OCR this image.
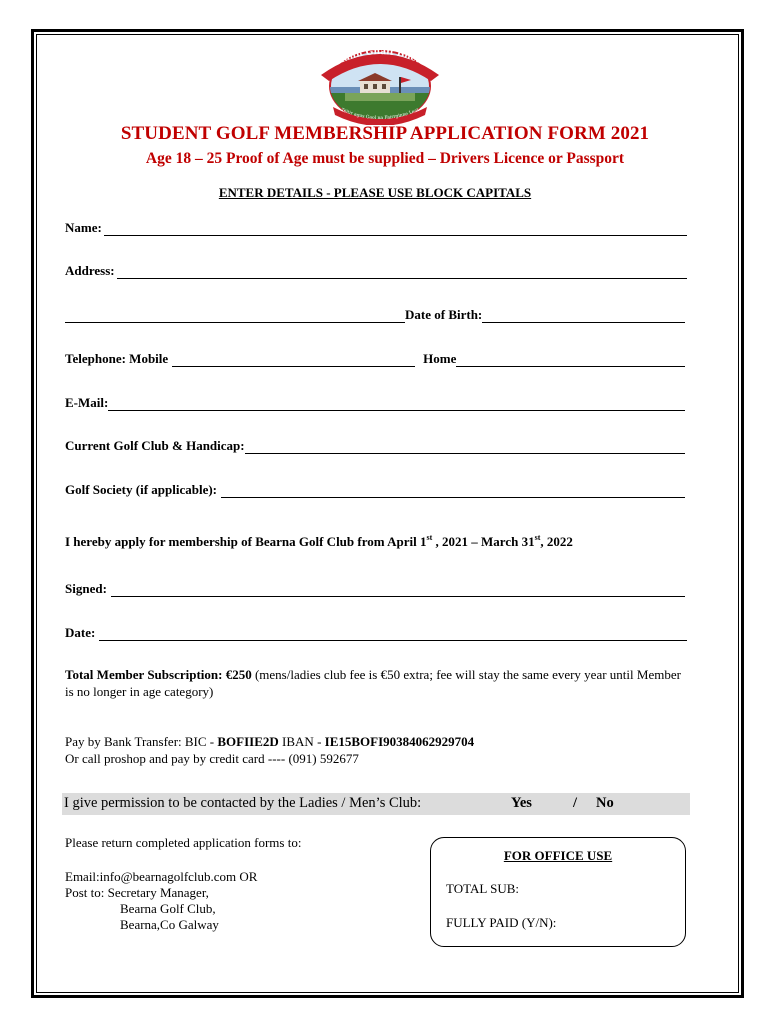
Cumann Ghalf Bhearna
Téitir agus Gaol na Fairrginne Leat
STUDENT GOLF MEMBERSHIP APPLICATION FORM 2021
Age 18 – 25 Proof of Age must be supplied – Drivers Licence or Passport
ENTER DETAILS - PLEASE USE BLOCK CAPITALS
Name:
Address:
Date of Birth:
Telephone: Mobile	Home
E-Mail:
Current Golf Club & Handicap:
Golf Society (if applicable):
I hereby apply for membership of Bearna Golf Club from April 1st , 2021 – March 31st, 2022
Signed:
Date:
Total Member Subscription: €250 (mens/ladies club fee is €50 extra; fee will stay the same every year until Member is no longer in age category)
Pay by Bank Transfer: BIC - BOFIIE2D IBAN - IE15BOFI90384062929704
Or call proshop and pay by credit card ---- (091) 592677
I give permission to be contacted by the Ladies / Men’s Club:	Yes	/ No
Please return completed application forms to:
Email:info@bearnagolfclub.com OR
Post to: Secretary Manager,
Bearna Golf Club,
Bearna,Co Galway
FOR OFFICE USE
TOTAL SUB:
FULLY PAID (Y/N):
